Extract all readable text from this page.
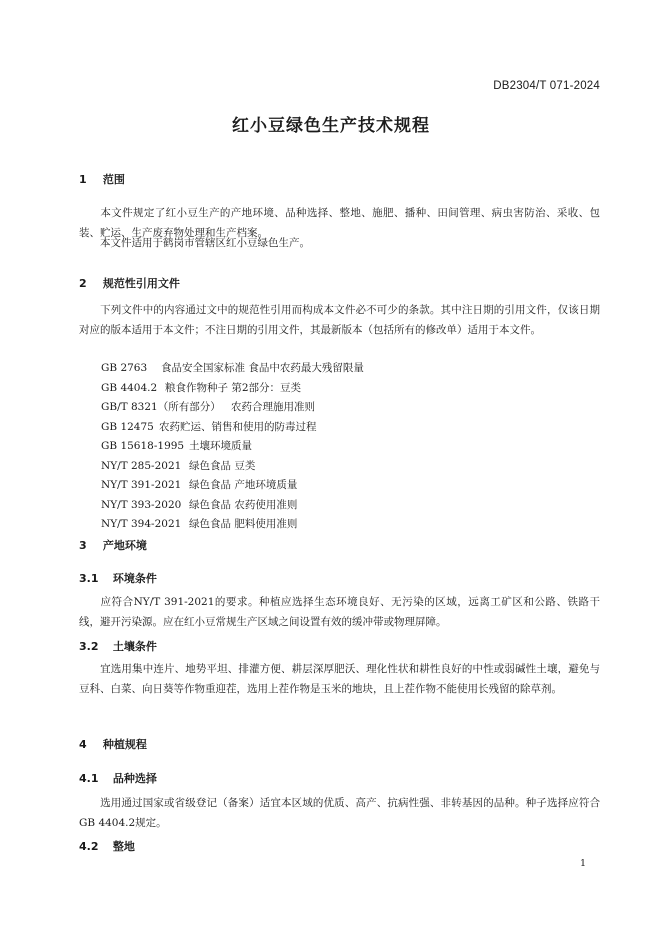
DB2304/T 071-2024
红小豆绿色生产技术规程
1 范围
本文件规定了红小豆生产的产地环境、品种选择、整地、施肥、播种、田间管理、病虫害防治、采收、包装、贮运、生产废弃物处理和生产档案。
本文件适用于鹤岗市管辖区红小豆绿色生产。
2 规范性引用文件
下列文件中的内容通过文中的规范性引用而构成本文件必不可少的条款。其中注日期的引用文件，仅该日期对应的版本适用于本文件；不注日期的引用文件，其最新版本（包括所有的修改单）适用于本文件。
GB 2763 食品安全国家标准 食品中农药最大残留限量
GB 4404.2 粮食作物种子 第2部分：豆类
GB/T 8321（所有部分） 农药合理施用准则
GB 12475 农药贮运、销售和使用的防毒过程
GB 15618-1995 土壤环境质量
NY/T 285-2021 绿色食品 豆类
NY/T 391-2021 绿色食品 产地环境质量
NY/T 393-2020 绿色食品 农药使用准则
NY/T 394-2021 绿色食品 肥料使用准则
3 产地环境
3.1 环境条件
应符合NY/T 391-2021的要求。种植应选择生态环境良好、无污染的区域，远离工矿区和公路、铁路干线，避开污染源。应在红小豆常规生产区域之间设置有效的缓冲带或物理屏障。
3.2 土壤条件
宜选用集中连片、地势平坦、排灌方便、耕层深厚肥沃、理化性状和耕性良好的中性或弱碱性土壤，避免与豆科、白菜、向日葵等作物重迎茬，选用上茬作物是玉米的地块，且上茬作物不能使用长残留的除草剂。
4 种植规程
4.1 品种选择
选用通过国家或省级登记（备案）适宜本区域的优质、高产、抗病性强、非转基因的品种。种子选择应符合GB 4404.2规定。
4.2 整地
1
